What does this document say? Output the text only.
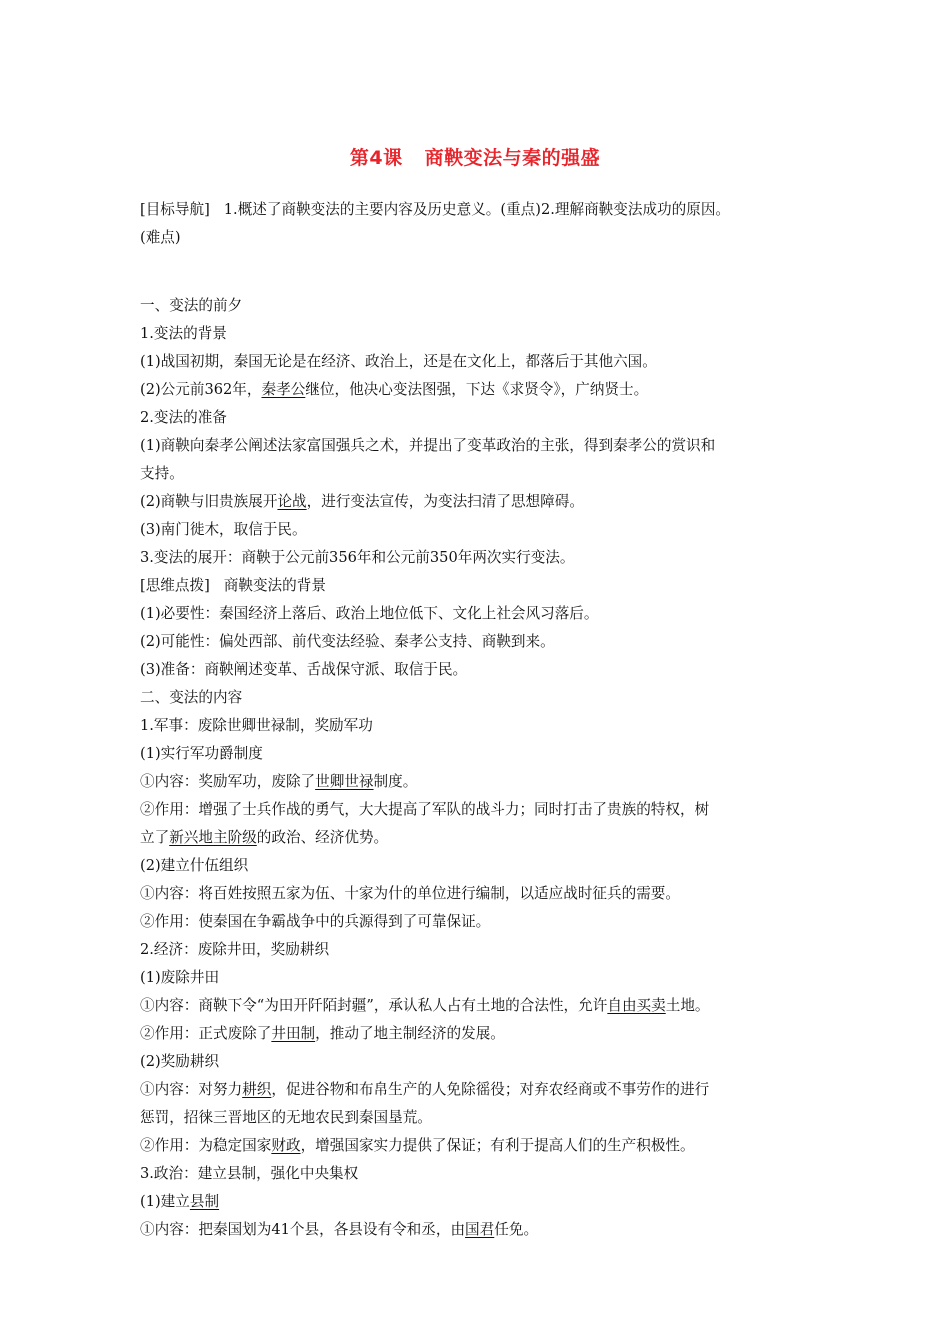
第4课 商鞅变法与秦的强盛

[目标导航] 1.概述了商鞅变法的主要内容及历史意义。(重点)2.理解商鞅变法成功的原因。

(难点)

一、变法的前夕

1.变法的背景

(1)战国初期，秦国无论是在经济、政治上，还是在文化上，都落后于其他六国。

(2)公元前362年，秦孝公继位，他决心变法图强，下达《求贤令》，广纳贤士。

2.变法的准备

(1)商鞅向秦孝公阐述法家富国强兵之术，并提出了变革政治的主张，得到秦孝公的赏识和

支持。

(2)商鞅与旧贵族展开论战，进行变法宣传，为变法扫清了思想障碍。

(3)南门徙木，取信于民。

3.变法的展开：商鞅于公元前356年和公元前350年两次实行变法。

[思维点拨] 商鞅变法的背景

(1)必要性：秦国经济上落后、政治上地位低下、文化上社会风习落后。

(2)可能性：偏处西部、前代变法经验、秦孝公支持、商鞅到来。

(3)准备：商鞅阐述变革、舌战保守派、取信于民。

二、变法的内容

1.军事：废除世卿世禄制，奖励军功

(1)实行军功爵制度

①内容：奖励军功，废除了世卿世禄制度。

②作用：增强了士兵作战的勇气，大大提高了军队的战斗力；同时打击了贵族的特权，树

立了新兴地主阶级的政治、经济优势。

(2)建立什伍组织

①内容：将百姓按照五家为伍、十家为什的单位进行编制，以适应战时征兵的需要。

②作用：使秦国在争霸战争中的兵源得到了可靠保证。

2.经济：废除井田，奖励耕织

(1)废除井田

①内容：商鞅下令“为田开阡陌封疆”，承认私人占有土地的合法性，允许自由买卖土地。

②作用：正式废除了井田制，推动了地主制经济的发展。

(2)奖励耕织

①内容：对努力耕织，促进谷物和布帛生产的人免除徭役；对弃农经商或不事劳作的进行

惩罚，招徕三晋地区的无地农民到秦国垦荒。

②作用：为稳定国家财政，增强国家实力提供了保证；有利于提高人们的生产积极性。

3.政治：建立县制，强化中央集权

(1)建立县制

①内容：把秦国划为41个县，各县设有令和丞，由国君任免。
